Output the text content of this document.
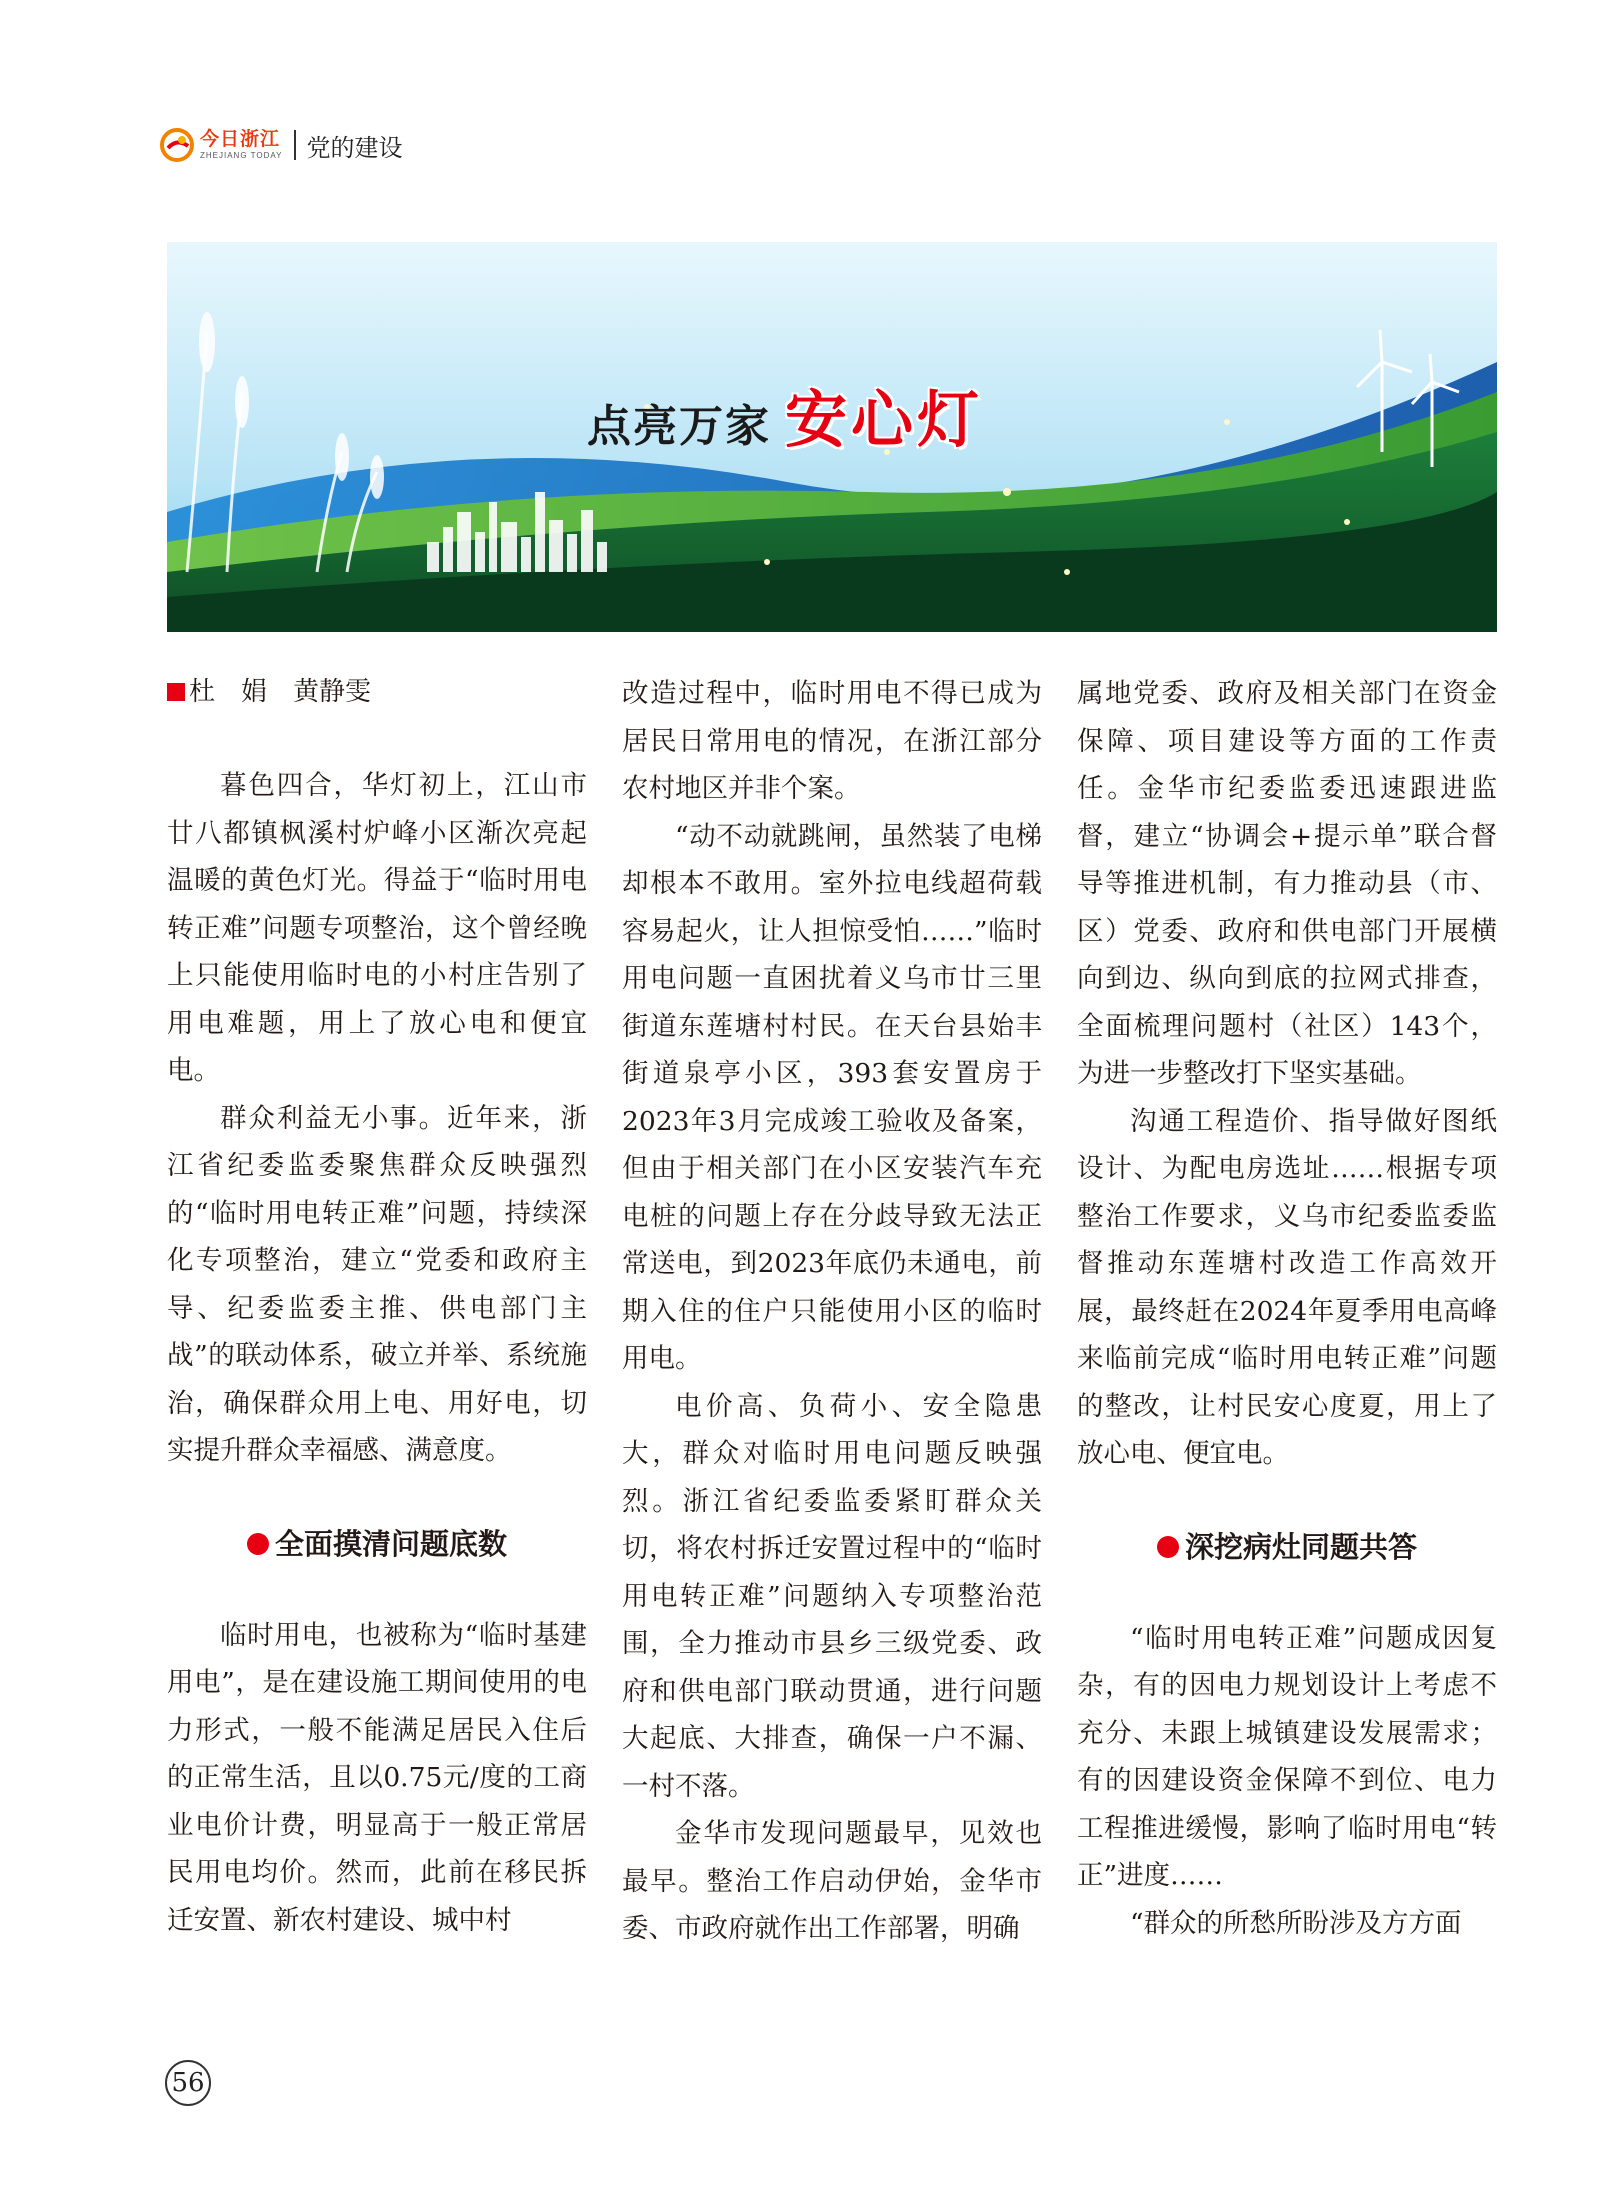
今日浙江
ZHEJIANG TODAY 党的建设
点亮万家 安心灯
杜　娟　黄静雯

暮色四合，华灯初上，江山市廿八都镇枫溪村炉峰小区渐次亮起温暖的黄色灯光。得益于“临时用电转正难”问题专项整治，这个曾经晚上只能使用临时电的小村庄告别了用电难题，用上了放心电和便宜电。

群众利益无小事。近年来，浙江省纪委监委聚焦群众反映强烈的“临时用电转正难”问题，持续深化专项整治，建立“党委和政府主导、纪委监委主推、供电部门主战”的联动体系，破立并举、系统施治，确保群众用上电、用好电，切实提升群众幸福感、满意度。

全面摸清问题底数

临时用电，也被称为“临时基建用电”，是在建设施工期间使用的电力形式，一般不能满足居民入住后的正常生活，且以0.75元/度的工商业电价计费，明显高于一般正常居民用电均价。然而，此前在移民拆迁安置、新农村建设、城中村

改造过程中，临时用电不得已成为居民日常用电的情况，在浙江部分农村地区并非个案。

“动不动就跳闸，虽然装了电梯却根本不敢用。室外拉电线超荷载容易起火，让人担惊受怕……”临时用电问题一直困扰着义乌市廿三里街道东莲塘村村民。在天台县始丰街道泉亭小区，393套安置房于2023年3月完成竣工验收及备案，但由于相关部门在小区安装汽车充电桩的问题上存在分歧导致无法正常送电，到2023年底仍未通电，前期入住的住户只能使用小区的临时用电。

电价高、负荷小、安全隐患大，群众对临时用电问题反映强烈。浙江省纪委监委紧盯群众关切，将农村拆迁安置过程中的“临时用电转正难”问题纳入专项整治范围，全力推动市县乡三级党委、政府和供电部门联动贯通，进行问题大起底、大排查，确保一户不漏、一村不落。

金华市发现问题最早，见效也最早。整治工作启动伊始，金华市委、市政府就作出工作部署，明确

属地党委、政府及相关部门在资金保障、项目建设等方面的工作责任。金华市纪委监委迅速跟进监督，建立“协调会+提示单”联合督导等推进机制，有力推动县（市、区）党委、政府和供电部门开展横向到边、纵向到底的拉网式排查，全面梳理问题村（社区）143个，为进一步整改打下坚实基础。

沟通工程造价、指导做好图纸设计、为配电房选址……根据专项整治工作要求，义乌市纪委监委监督推动东莲塘村改造工作高效开展，最终赶在2024年夏季用电高峰来临前完成“临时用电转正难”问题的整改，让村民安心度夏，用上了放心电、便宜电。

深挖病灶同题共答

“临时用电转正难”问题成因复杂，有的因电力规划设计上考虑不充分、未跟上城镇建设发展需求；有的因建设资金保障不到位、电力工程推进缓慢，影响了临时用电“转正”进度……

“群众的所愁所盼涉及方方面

56
